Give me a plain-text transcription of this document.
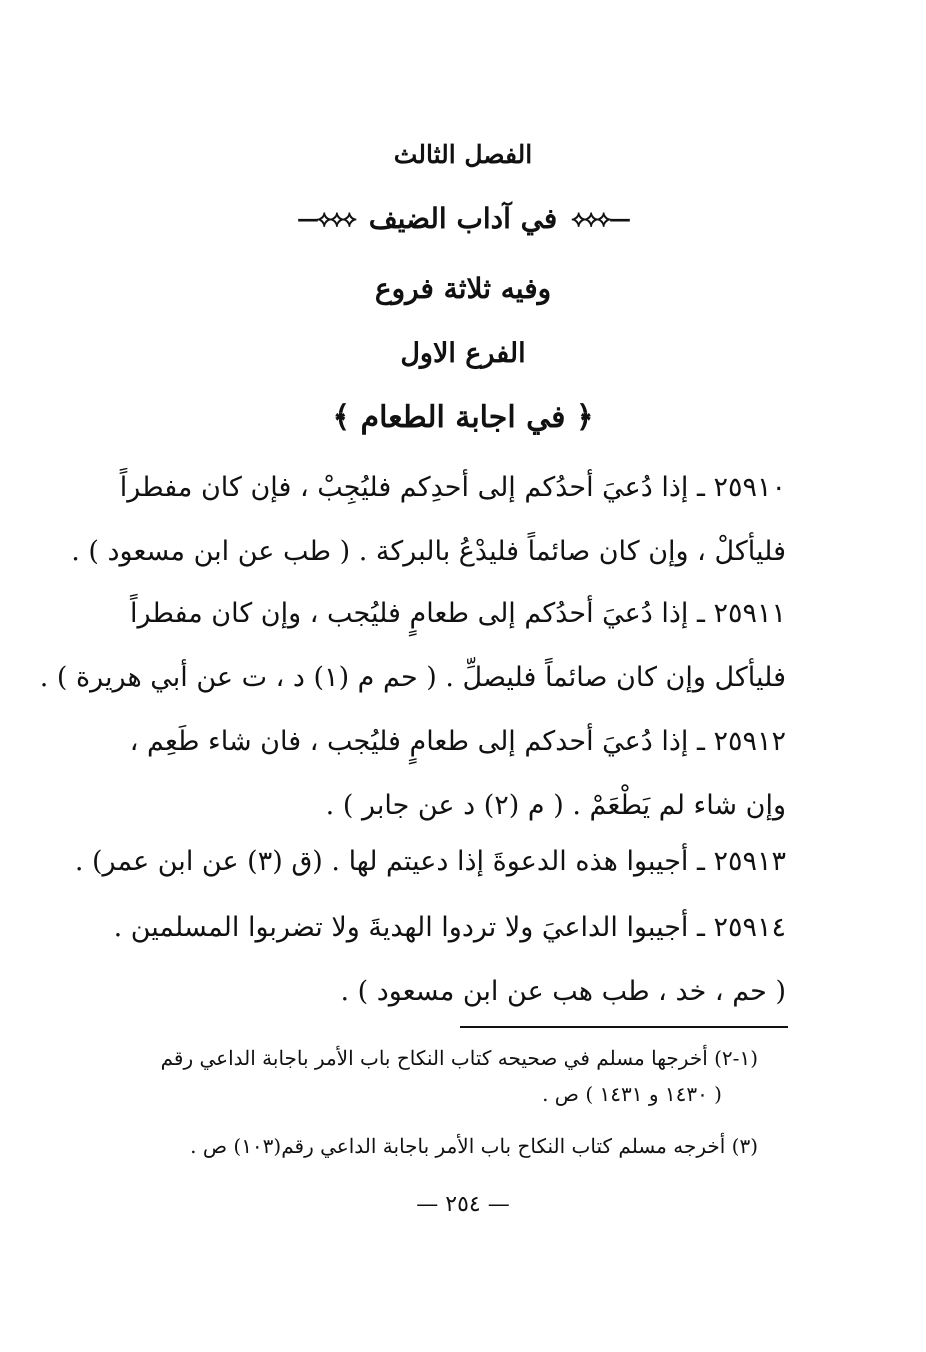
الفصل الثالث
—⟡⟡⟡
في آداب الضيف
⟡⟡⟡—
وفيه ثلاثة فروع
الفرع الاول
﴿ في اجابة الطعام ﴾
٢٥٩١٠ ـ إذا دُعيَ أحدُكم إلى أحدِكم فليُجِبْ ، فإن كان مفطراً
فليأكلْ ، وإن كان صائماً فليدْعُ بالبركة . ( طب عن ابن مسعود ) .
٢٥٩١١ ـ إذا دُعيَ أحدُكم إلى طعامٍ فليُجب ، وإن كان مفطراً
فليأكل وإن كان صائماً فليصلِّ . ( حم م (١) د ، ت عن أبي هريرة ) .
٢٥٩١٢ ـ إذا دُعيَ أحدكم إلى طعامٍ فليُجب ، فان شاء طَعِم ،
وإن شاء لم يَطْعَمْ . ( م (٢) د عن جابر ) .
٢٥٩١٣ ـ أجيبوا هذه الدعوةَ إذا دعيتم لها . (ق (٣) عن ابن عمر) .
٢٥٩١٤ ـ أجيبوا الداعيَ ولا تردوا الهديةَ ولا تضربوا المسلمين .
( حم ، خد ، طب هب عن ابن مسعود ) .
(١-٢) أخرجها مسلم في صحيحه كتاب النكاح باب الأمر باجابة الداعي رقم
( ١٤٣٠ و ١٤٣١ ) ص .
(٣) أخرجه مسلم كتاب النكاح باب الأمر باجابة الداعي رقم(١٠٣) ص .
— ٢٥٤ —
